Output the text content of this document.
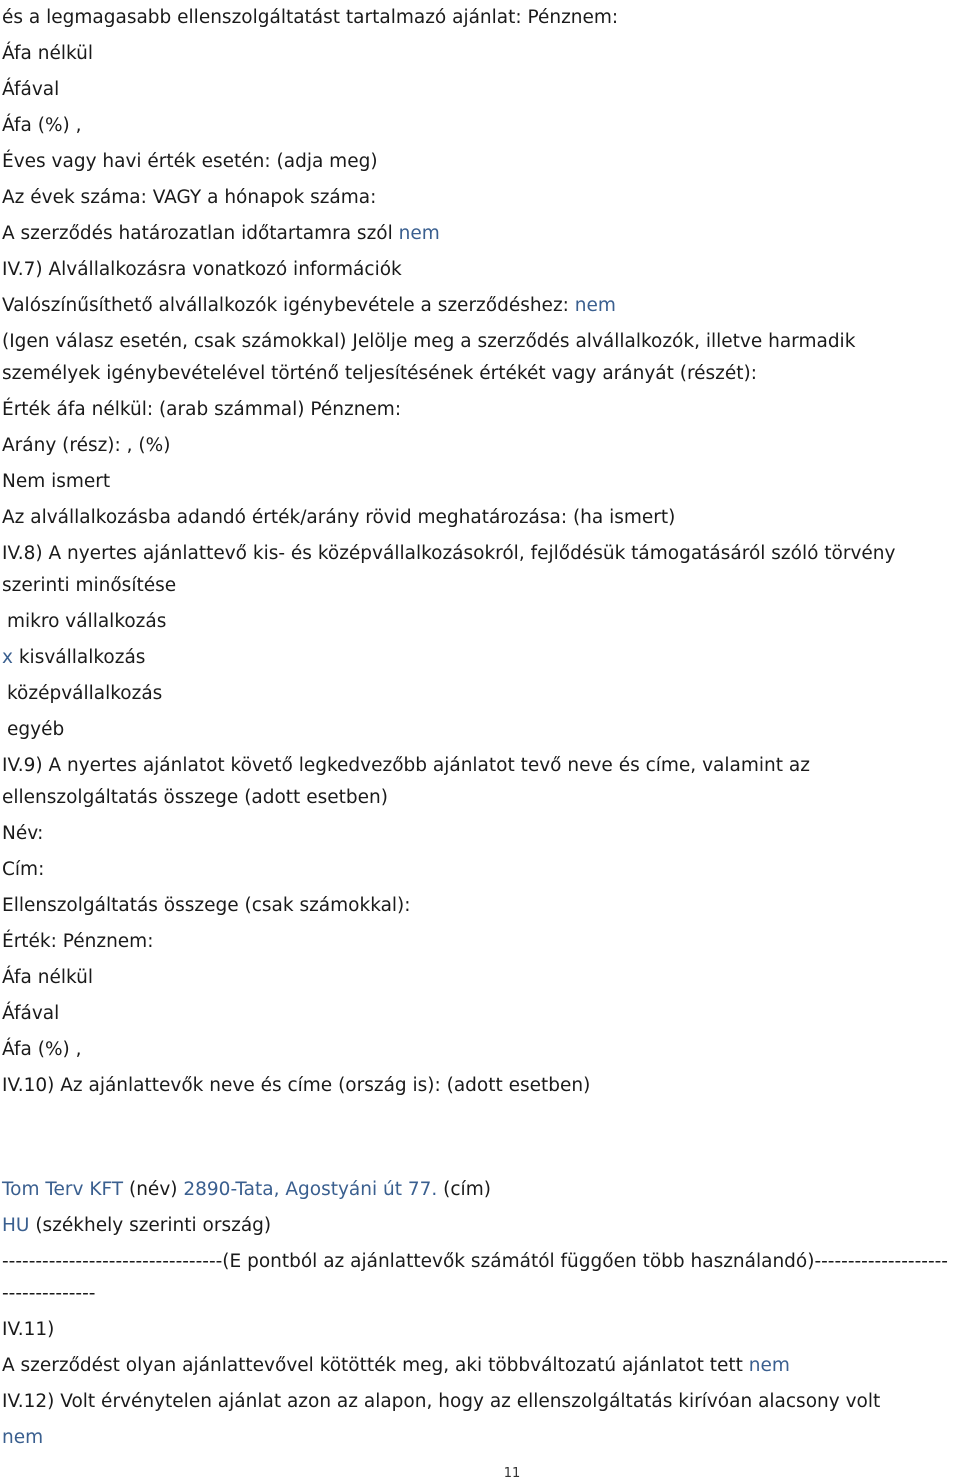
és a legmagasabb ellenszolgáltatást tartalmazó ajánlat: Pénznem:
Áfa nélkül
Áfával
Áfa (%) ,
Éves vagy havi érték esetén: (adja meg)
Az évek száma: VAGY a hónapok száma:
A szerződés határozatlan időtartamra szól nem
IV.7) Alvállalkozásra vonatkozó információk
Valószínűsíthető alvállalkozók igénybevétele a szerződéshez: nem
(Igen válasz esetén, csak számokkal) Jelölje meg a szerződés alvállalkozók, illetve harmadik személyek igénybevételével történő teljesítésének értékét vagy arányát (részét):
Érték áfa nélkül: (arab számmal) Pénznem:
Arány (rész): , (%)
Nem ismert
Az alvállalkozásba adandó érték/arány rövid meghatározása: (ha ismert)
IV.8) A nyertes ajánlattevő kis- és középvállalkozásokról, fejlődésük támogatásáról szóló törvény szerinti minősítése
mikro vállalkozás
x kisvállalkozás
középvállalkozás
egyéb
IV.9) A nyertes ajánlatot követő legkedvezőbb ajánlatot tevő neve és címe, valamint az ellenszolgáltatás összege (adott esetben)
Név:
Cím:
Ellenszolgáltatás összege (csak számokkal):
Érték: Pénznem:
Áfa nélkül
Áfával
Áfa (%) ,
IV.10) Az ajánlattevők neve és címe (ország is): (adott esetben)
Tom Terv KFT (név) 2890-Tata, Agostyáni út 77. (cím)
HU (székhely szerinti ország)
---------------------------------(E pontból az ajánlattevők számától függően több használandó)----------------------------------
IV.11)
A szerződést olyan ajánlattevővel kötötték meg, aki többváltozatú ajánlatot tett nem
IV.12) Volt érvénytelen ajánlat azon az alapon, hogy az ellenszolgáltatás kirívóan alacsony volt
nem
11
